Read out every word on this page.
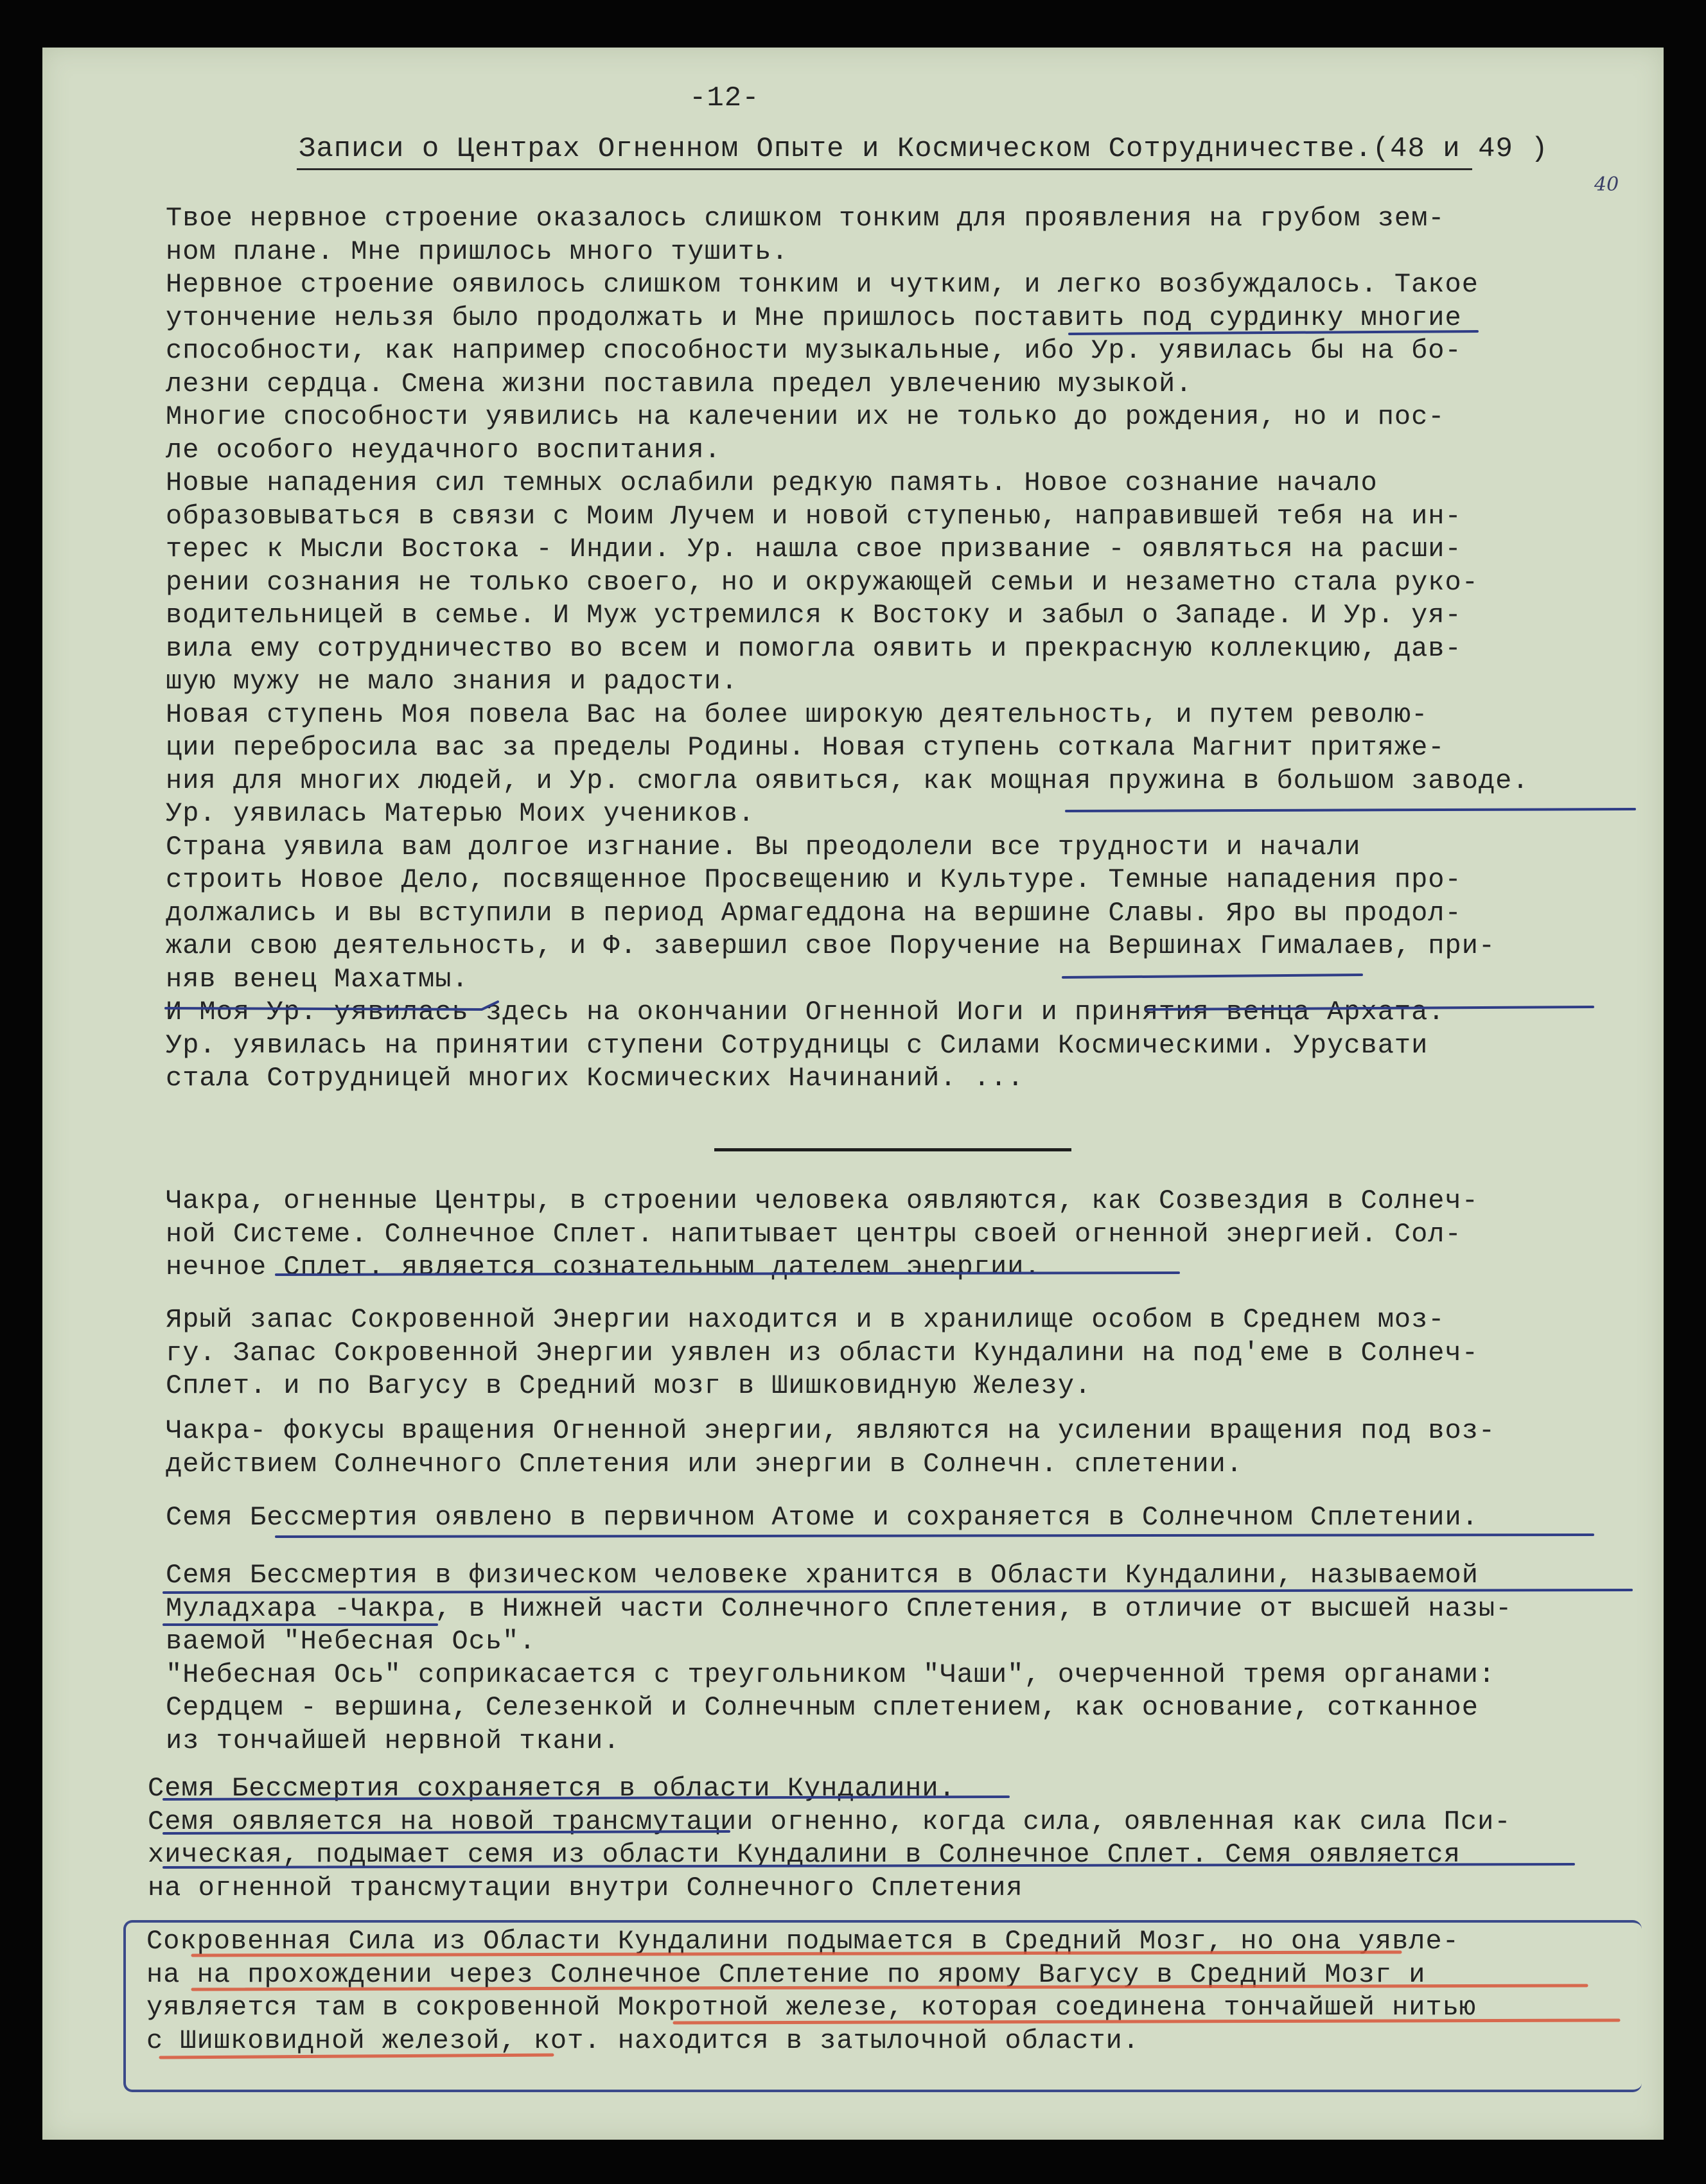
-12-
Записи о Центрах Огненном Опыте и Космическом Сотрудничестве.(48 и 49 )
40

Твое нервное строение оказалось слишком тонким для проявления на грубом зем-
ном плане. Мне пришлось много тушить.

Нервное строение оявилось слишком тонким и чутким, и легко возбуждалось. Такое
утончение нельзя было продолжать и Мне пришлось поставить под сурдинку многие
способности, как например способности музыкальные, ибо Ур. уявилась бы на бо-
лезни сердца. Смена жизни поставила предел увлечению музыкой.

Многие способности уявились на калечении их не только до рождения, но и пос-
ле особого неудачного воспитания.

Новые нападения сил темных ослабили редкую память. Новое сознание начало
образовываться в связи с Моим Лучем и новой ступенью, направившей тебя на ин-
терес к Мысли Востока - Индии. Ур. нашла свое призвание - оявляться на расши-
рении сознания не только своего, но и окружающей семьи и незаметно стала руко-
водительницей в семье. И Муж устремился к Востоку и забыл о Западе. И Ур. уя-
вила ему сотрудничество во всем и помогла оявить и прекрасную коллекцию, дав-
шую мужу не мало знания и радости.

Новая ступень Моя повела Вас на более широкую деятельность, и путем револю-
ции перебросила вас за пределы Родины. Новая ступень соткала Магнит притяже-
ния для многих людей, и Ур. смогла оявиться, как мощная пружина в большом заводе.
Ур. уявилась Матерью Моих учеников.

Страна уявила вам долгое изгнание. Вы преодолели все трудности и начали
строить Новое Дело, посвященное Просвещению и Культуре. Темные нападения про-
должались и вы вступили в период Армагеддона на вершине Славы. Яро вы продол-
жали свою деятельность, и Ф. завершил свое Поручение на Вершинах Гималаев, при-
няв венец Махатмы.

И Моя Ур. уявилась здесь на окончании Огненной Иоги и принятия венца Архата.
Ур. уявилась на принятии ступени Сотрудницы с Силами Космическими. Урусвати
стала Сотрудницей многих Космических Начинаний. ...

Чакра, огненные Центры, в строении человека оявляются, как Созвездия в Солнеч-
ной Системе. Солнечное Сплет. напитывает центры своей огненной энергией. Сол-
нечное Сплет. является сознательным дателем энергии.

Ярый запас Сокровенной Энергии находится и в хранилище особом в Среднем моз-
гу. Запас Сокровенной Энергии уявлен из области Кундалини на под'еме в Солнеч-
Сплет. и по Вагусу в Средний мозг в Шишковидную Железу.

Чакра- фокусы вращения Огненной энергии, являются на усилении вращения под воз-
действием Солнечного Сплетения или энергии в Солнечн. сплетении.

Семя Бессмертия оявлено в первичном Атоме и сохраняется в Солнечном Сплетении.

Семя Бессмертия в физическом человеке хранится в Области Кундалини, называемой
Муладхара -Чакра, в Нижней части Солнечного Сплетения, в отличие от высшей назы-
ваемой "Небесная Ось".
"Небесная Ось" соприкасается с треугольником "Чаши", очерченной тремя органами:
Сердцем - вершина, Селезенкой и Солнечным сплетением, как основание, сотканное
из тончайшей нервной ткани.

Семя Бессмертия сохраняется в области Кундалини.
Семя оявляется на новой трансмутации огненно, когда сила, оявленная как сила Пси-
хическая, подымает семя из области Кундалини в Солнечное Сплет. Семя оявляется
на огненной трансмутации внутри Солнечного Сплетения

Сокровенная Сила из Области Кундалини подымается в Средний Мозг, но она уявле-
на на прохождении через Солнечное Сплетение по ярому Вагусу в Средний Мозг и
уявляется там в сокровенной Мокротной железе, которая соединена тончайшей нитью
с Шишковидной железой, кот. находится в затылочной области.
